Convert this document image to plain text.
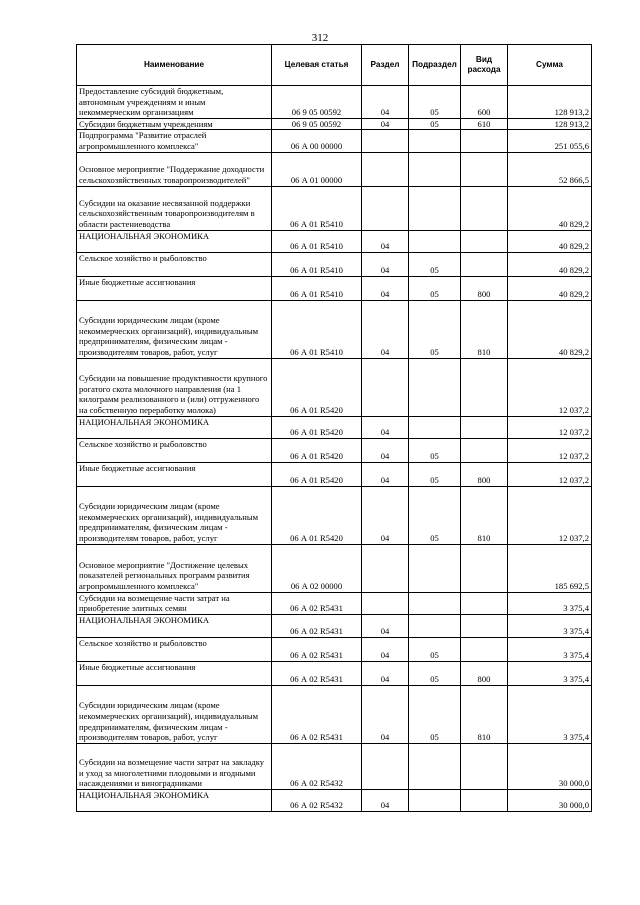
312
Наименование	Целевая статья	Раздел	Подраздел	Вид расхода	Сумма
Предоставление субсидий бюджетным, автономным учреждениям и иным некоммерческим организациям	06 9 05 00592	04	05	600	128 913,2
Субсидии бюджетным учреждениям	06 9 05 00592	04	05	610	128 913,2
Подпрограмма "Развитие отраслей агропромышленного комплекса"	06 А 00 00000				251 055,6
Основное мероприятие "Поддержание доходности сельскохозяйственных товаропроизводителей"	06 А 01 00000				52 866,5
Субсидии на оказание несвязанной поддержки сельскохозяйственным товаропроизводителям в области растениеводства	06 А 01 R5410				40 829,2
НАЦИОНАЛЬНАЯ ЭКОНОМИКА	06 А 01 R5410	04			40 829,2
Сельское хозяйство и рыболовство	06 А 01 R5410	04	05		40 829,2
Иные бюджетные ассигнования	06 А 01 R5410	04	05	800	40 829,2
Субсидии юридическим лицам (кроме некоммерческих организаций), индивидуальным предпринимателям, физическим лицам - производителям товаров, работ, услуг	06 А 01 R5410	04	05	810	40 829,2
Субсидии на повышение продуктивности крупного рогатого скота молочного направления (на 1 килограмм реализованного и (или) отгруженного на собственную переработку молока)	06 А 01 R5420				12 037,2
НАЦИОНАЛЬНАЯ ЭКОНОМИКА	06 А 01 R5420	04			12 037,2
Сельское хозяйство и рыболовство	06 А 01 R5420	04	05		12 037,2
Иные бюджетные ассигнования	06 А 01 R5420	04	05	800	12 037,2
Субсидии юридическим лицам (кроме некоммерческих организаций), индивидуальным предпринимателям, физическим лицам - производителям товаров, работ, услуг	06 А 01 R5420	04	05	810	12 037,2
Основное мероприятие "Достижение целевых показателей региональных программ развития агропромышленного комплекса"	06 А 02 00000				185 692,5
Субсидии на возмещение части затрат на приобретение элитных семян	06 А 02 R5431				3 375,4
НАЦИОНАЛЬНАЯ ЭКОНОМИКА	06 А 02 R5431	04			3 375,4
Сельское хозяйство и рыболовство	06 А 02 R5431	04	05		3 375,4
Иные бюджетные ассигнования	06 А 02 R5431	04	05	800	3 375,4
Субсидии юридическим лицам (кроме некоммерческих организаций), индивидуальным предпринимателям, физическим лицам - производителям товаров, работ, услуг	06 А 02 R5431	04	05	810	3 375,4
Субсидии на возмещение части затрат на закладку и уход за многолетними плодовыми и ягодными насаждениями и виноградниками	06 А 02 R5432				30 000,0
НАЦИОНАЛЬНАЯ ЭКОНОМИКА	06 А 02 R5432	04			30 000,0
